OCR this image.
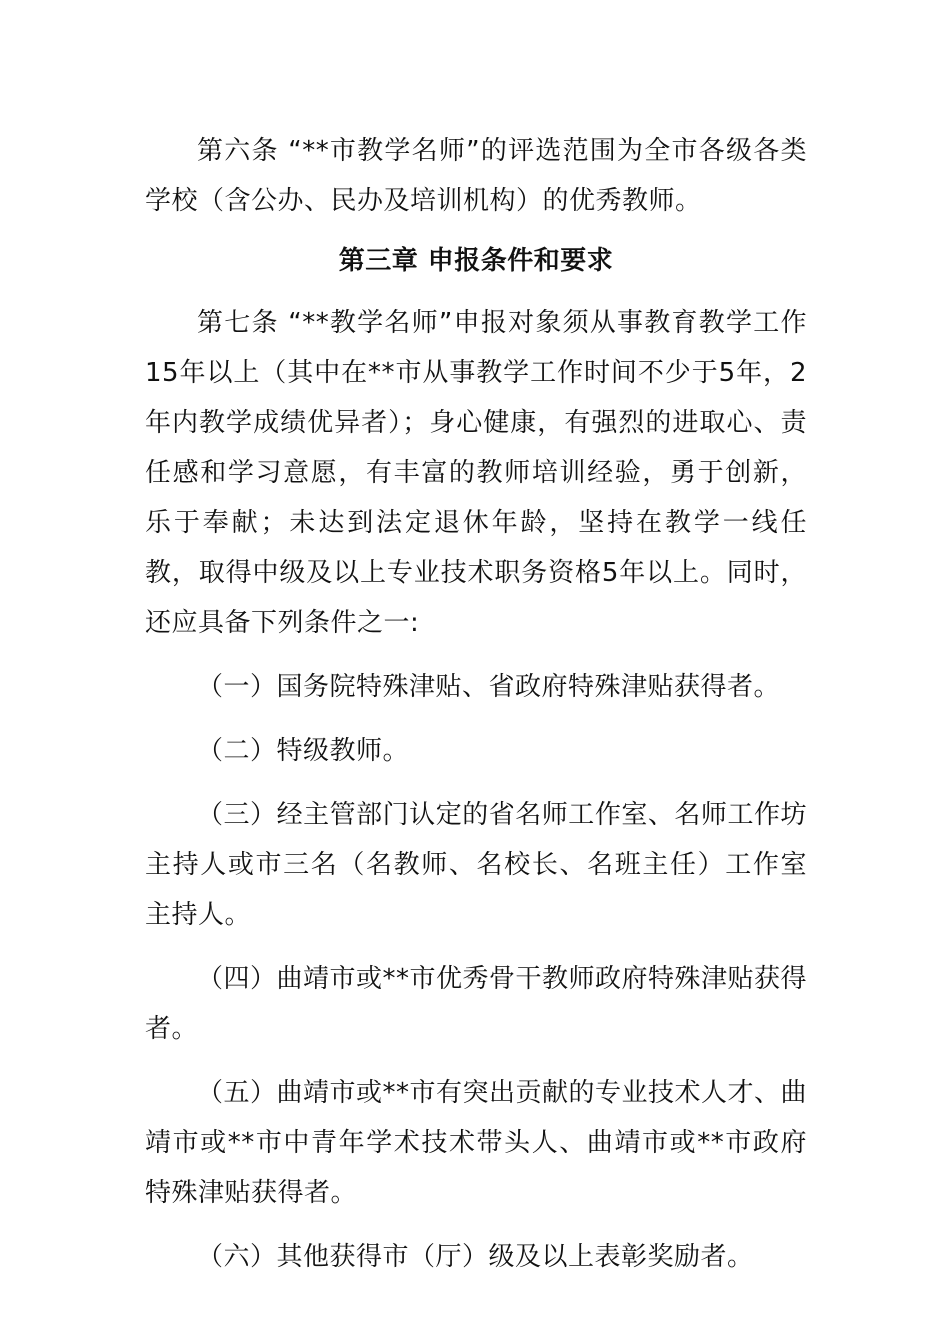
第六条 “**市教学名师”的评选范围为全市各级各类学校（含公办、民办及培训机构）的优秀教师。

第三章 申报条件和要求

第七条 “**教学名师”申报对象须从事教育教学工作15年以上（其中在**市从事教学工作时间不少于5年，2年内教学成绩优异者）；身心健康，有强烈的进取心、责任感和学习意愿，有丰富的教师培训经验，勇于创新，乐于奉献；未达到法定退休年龄，坚持在教学一线任教，取得中级及以上专业技术职务资格5年以上。同时，还应具备下列条件之一:

（一）国务院特殊津贴、省政府特殊津贴获得者。

（二）特级教师。

（三）经主管部门认定的省名师工作室、名师工作坊主持人或市三名（名教师、名校长、名班主任）工作室主持人。

（四）曲靖市或**市优秀骨干教师政府特殊津贴获得者。

（五）曲靖市或**市有突出贡献的专业技术人才、曲靖市或**市中青年学术技术带头人、曲靖市或**市政府特殊津贴获得者。

（六）其他获得市（厅）级及以上表彰奖励者。
